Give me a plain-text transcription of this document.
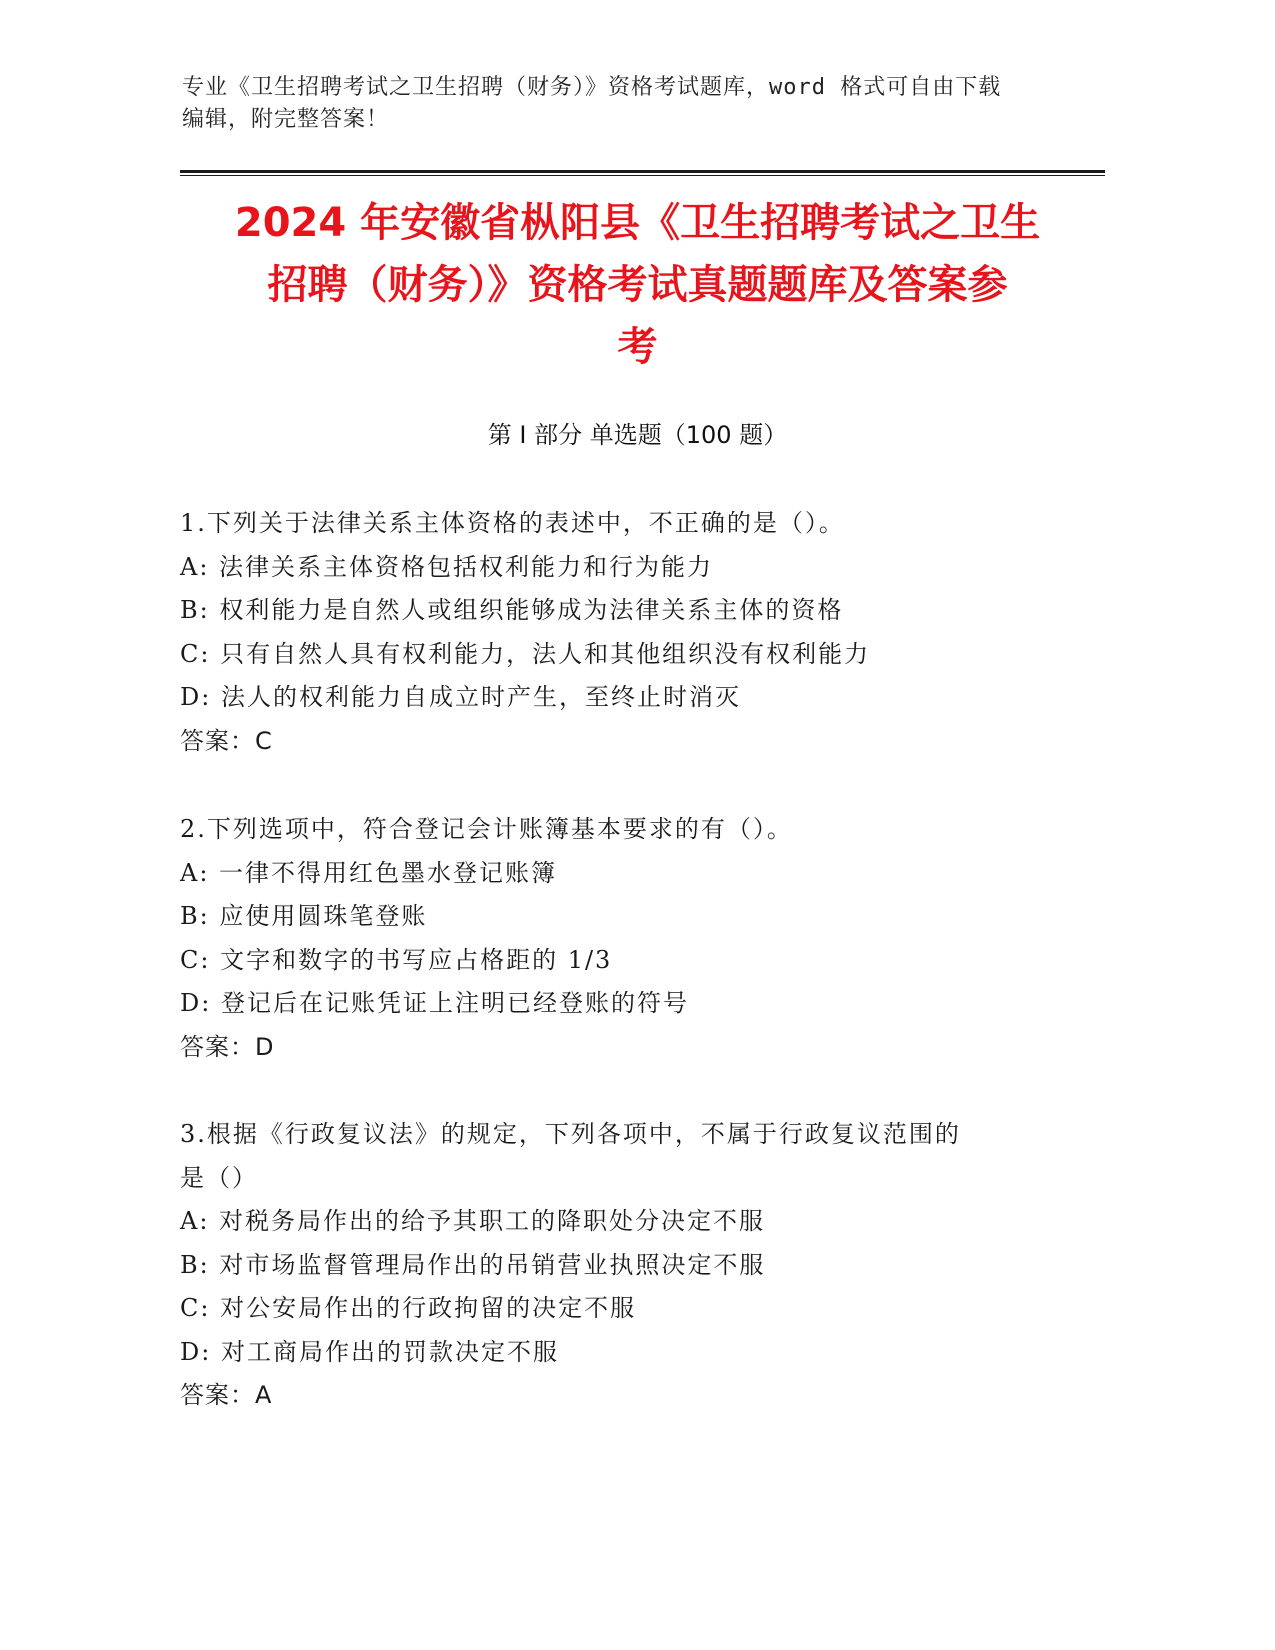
专业《卫生招聘考试之卫生招聘（财务）》资格考试题库，word 格式可自由下载
编辑，附完整答案！
2024 年安徽省枞阳县《卫生招聘考试之卫生
招聘（财务）》资格考试真题题库及答案参
考
第 I 部分 单选题（100 题）
1.下列关于法律关系主体资格的表述中，不正确的是（）。
A: 法律关系主体资格包括权利能力和行为能力
B: 权利能力是自然人或组织能够成为法律关系主体的资格
C: 只有自然人具有权利能力，法人和其他组织没有权利能力
D: 法人的权利能力自成立时产生，至终止时消灭
答案：C
2.下列选项中，符合登记会计账簿基本要求的有（）。
A: 一律不得用红色墨水登记账簿
B: 应使用圆珠笔登账
C: 文字和数字的书写应占格距的 1/3
D: 登记后在记账凭证上注明已经登账的符号
答案：D
3.根据《行政复议法》的规定，下列各项中，不属于行政复议范围的
是（）
A: 对税务局作出的给予其职工的降职处分决定不服
B: 对市场监督管理局作出的吊销营业执照决定不服
C: 对公安局作出的行政拘留的决定不服
D: 对工商局作出的罚款决定不服
答案：A
